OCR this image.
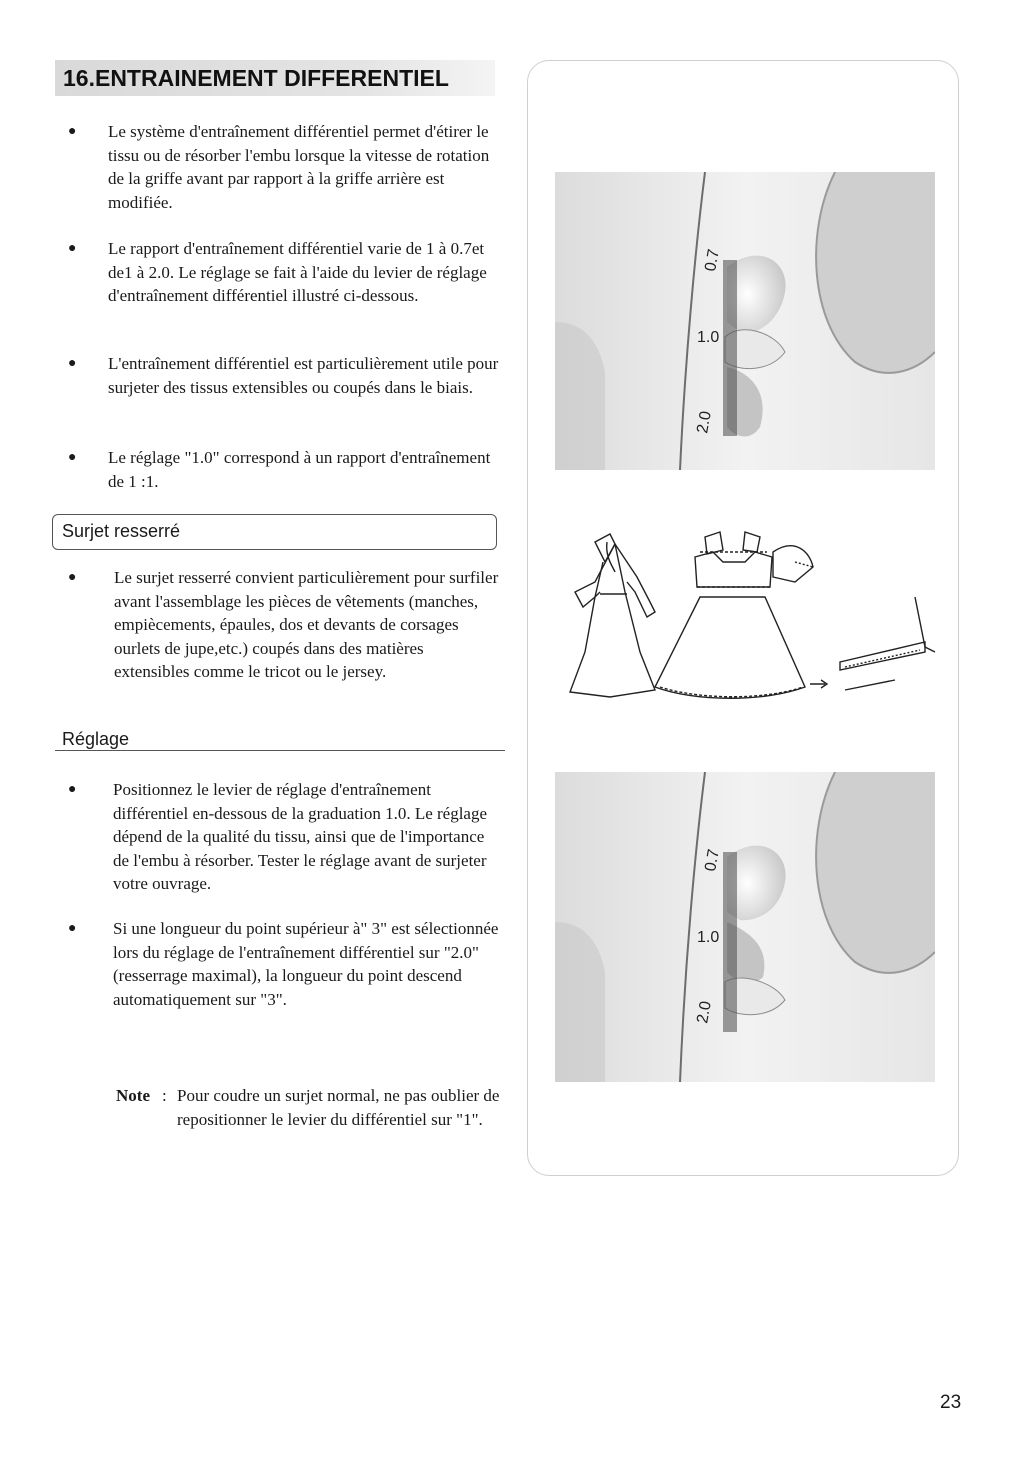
16.ENTRAINEMENT DIFFERENTIEL
● Le système d'entraînement différentiel permet d'étirer le tissu ou de résorber l'embu lorsque la vitesse de rotation de la griffe avant par rapport à la griffe arrière est modifiée.
● Le rapport d'entraînement différentiel varie de 1 à 0.7et de1 à 2.0. Le réglage se fait à l'aide du levier de réglage d'entraînement différentiel illustré ci-dessous.
● L'entraînement différentiel est particulièrement utile pour surjeter des tissus extensibles ou coupés dans le biais.
● Le réglage "1.0" correspond à un rapport d'entraînement de 1 :1.
Surjet resserré
● Le surjet resserré convient particulièrement pour surfiler avant l'assemblage les pièces de vêtements (manches, empiècements, épaules, dos et devants de corsages ourlets de jupe,etc.) coupés dans des matières extensibles comme le tricot ou le jersey.
Réglage
● Positionnez le levier de réglage d'entraînement différentiel en-dessous de la graduation 1.0. Le réglage dépend de la qualité du tissu, ainsi que de l'importance de l'embu à résorber. Tester le réglage avant de surjeter votre ouvrage.
● Si une longueur du point supérieur à" 3" est sélectionnée lors du réglage de l'entraînement différentiel sur "2.0" (resserrage maximal), la longueur du point descend automatiquement sur "3".
Note : Pour coudre un surjet normal, ne pas oublier de repositionner le levier du différentiel sur "1".
0.7
1.0
2.0
0.7
1.0
2.0
23
